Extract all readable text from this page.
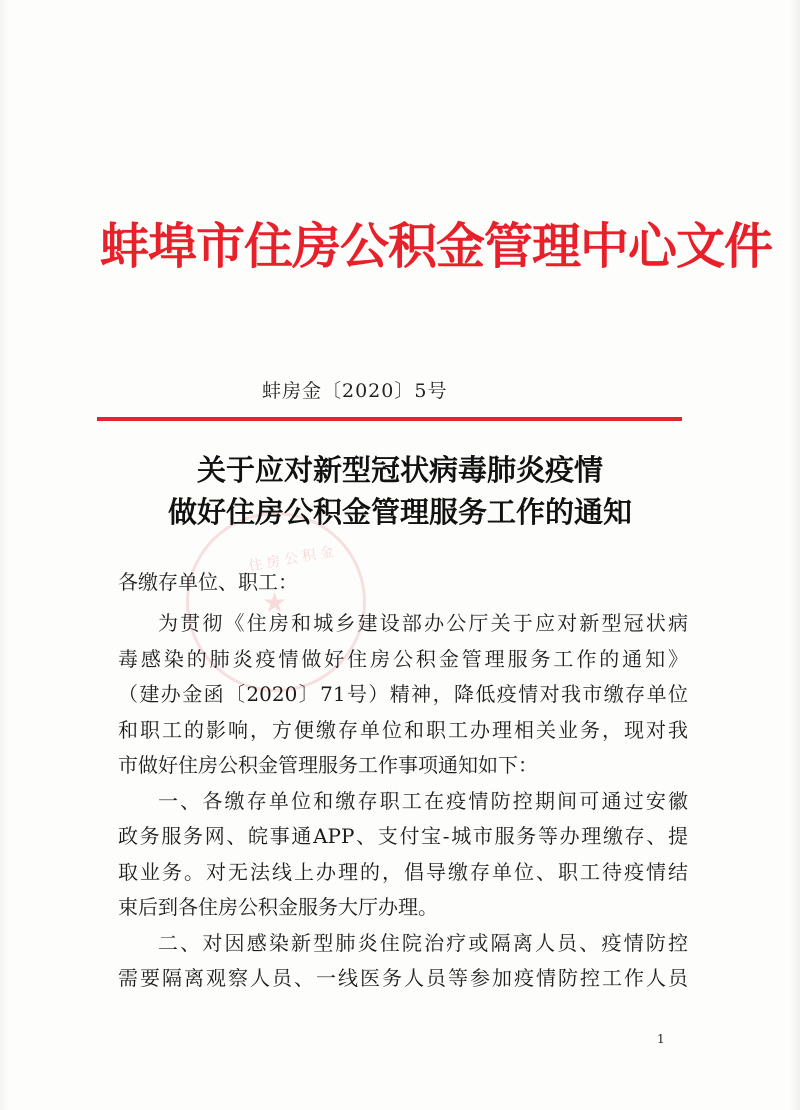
住房公积金
★
蚌埠市住房公积金管理中心文件
蚌房金〔2020〕5号
关于应对新型冠状病毒肺炎疫情
做好住房公积金管理服务工作的通知
各缴存单位、职工：
为贯彻《住房和城乡建设部办公厅关于应对新型冠状病
毒感染的肺炎疫情做好住房公积金管理服务工作的通知》
（建办金函〔2020〕71号）精神，降低疫情对我市缴存单位
和职工的影响，方便缴存单位和职工办理相关业务，现对我
市做好住房公积金管理服务工作事项通知如下：
一、各缴存单位和缴存职工在疫情防控期间可通过安徽
政务服务网、皖事通APP、支付宝-城市服务等办理缴存、提
取业务。对无法线上办理的，倡导缴存单位、职工待疫情结
束后到各住房公积金服务大厅办理。
二、对因感染新型肺炎住院治疗或隔离人员、疫情防控
需要隔离观察人员、一线医务人员等参加疫情防控工作人员
1
